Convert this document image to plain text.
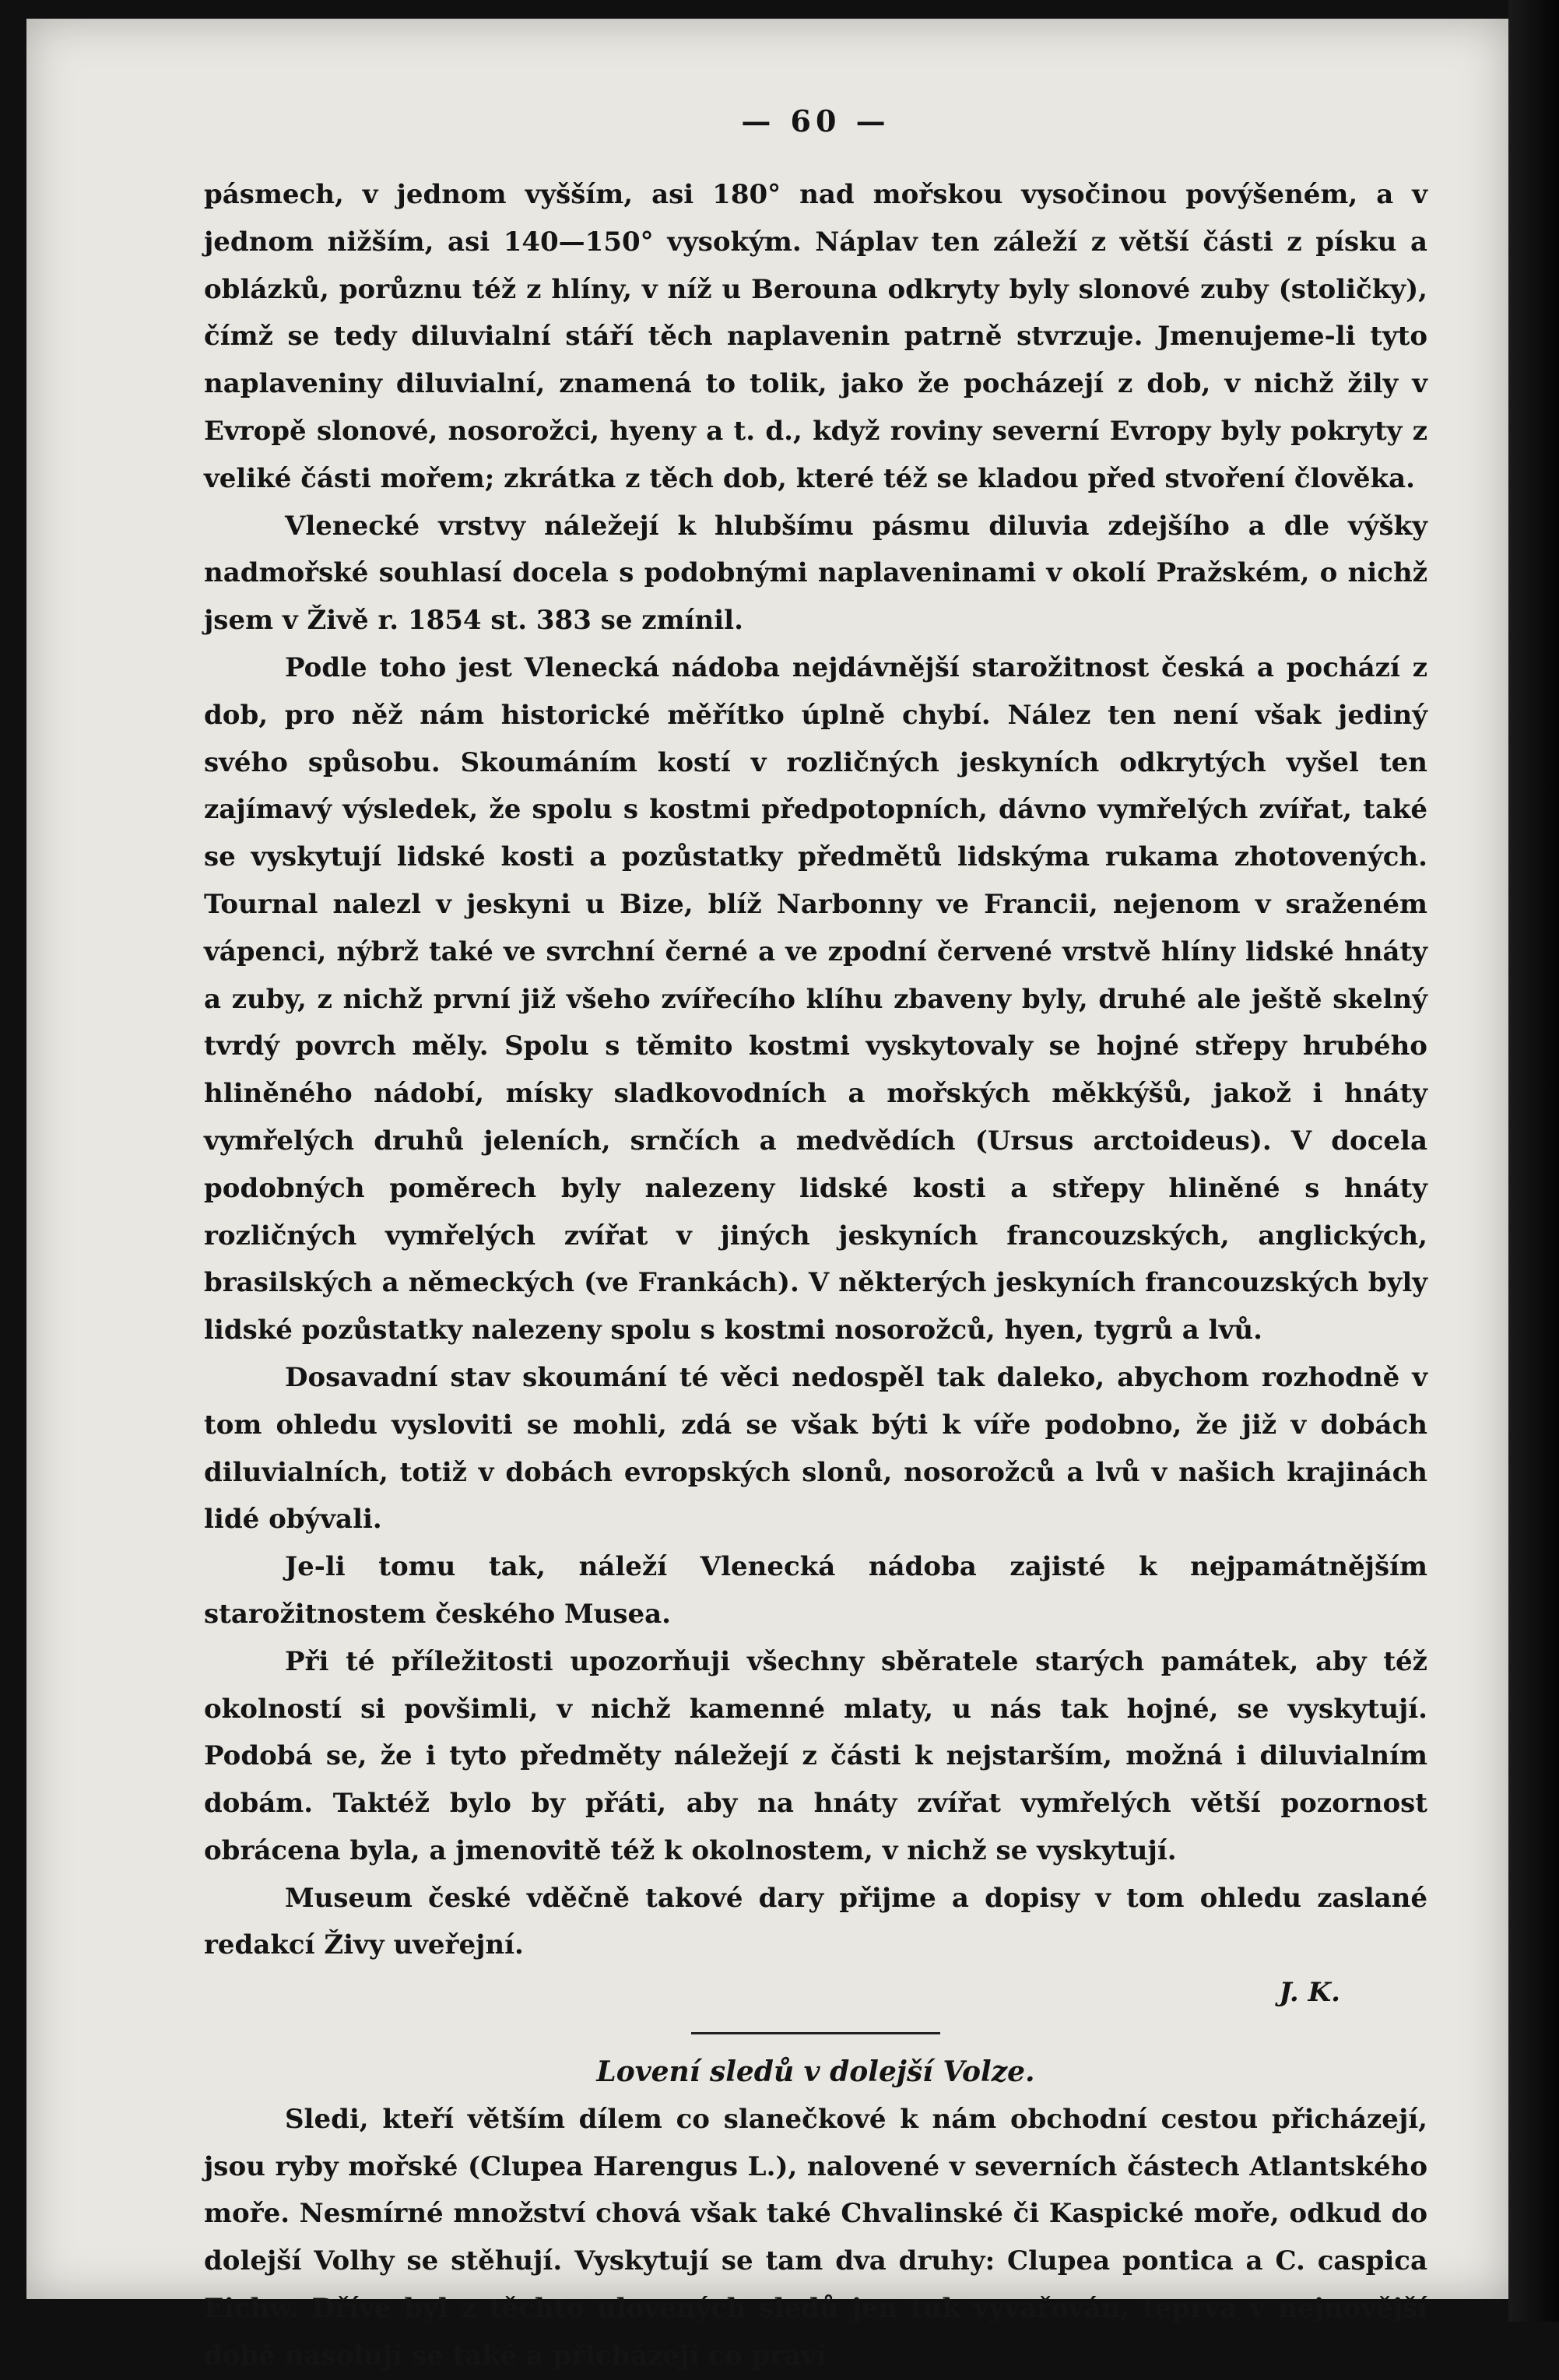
— 60 —

pásmech, v jednom vyšším, asi 180° nad mořskou vysočinou povýšeném, a v jednom nižším, asi 140—150° vysokým. Náplav ten záleží z větší části z písku a oblázků, porůznu též z hlíny, v níž u Berouna odkryty byly slonové zuby (stoličky), čímž se tedy diluvialní stáří těch naplavenin patrně stvrzuje. Jmenujeme-li tyto naplaveniny diluvialní, znamená to tolik, jako že pocházejí z dob, v nichž žily v Evropě slonové, nosorožci, hyeny a t. d., když roviny severní Evropy byly pokryty z veliké části mořem; zkrátka z těch dob, které též se kladou před stvoření člověka.

Vlenecké vrstvy náležejí k hlubšímu pásmu diluvia zdejšího a dle výšky nadmořské souhlasí docela s podobnými naplaveninami v okolí Pražském, o nichž jsem v Živě r. 1854 st. 383 se zmínil.

Podle toho jest Vlenecká nádoba nejdávnější starožitnost česká a pochází z dob, pro něž nám historické měřítko úplně chybí. Nález ten není však jediný svého spůsobu. Skoumáním kostí v rozličných jeskyních odkrytých vyšel ten zajímavý výsledek, že spolu s kostmi předpotopních, dávno vymřelých zvířat, také se vyskytují lidské kosti a pozůstatky předmětů lidskýma rukama zhotovených. Tournal nalezl v jeskyni u Bize, blíž Narbonny ve Francii, nejenom v sraženém vápenci, nýbrž také ve svrchní černé a ve zpodní červené vrstvě hlíny lidské hnáty a zuby, z nichž první již všeho zvířecího klíhu zbaveny byly, druhé ale ještě skelný tvrdý povrch měly. Spolu s těmito kostmi vyskytovaly se hojné střepy hrubého hliněného nádobí, mísky sladkovodních a mořských měkkýšů, jakož i hnáty vymřelých druhů jeleních, srnčích a medvědích (Ursus arctoideus). V docela podobných poměrech byly nalezeny lidské kosti a střepy hliněné s hnáty rozličných vymřelých zvířat v jiných jeskyních francouzských, anglických, brasilských a německých (ve Frankách). V některých jeskyních francouzských byly lidské pozůstatky nalezeny spolu s kostmi nosorožců, hyen, tygrů a lvů.

Dosavadní stav skoumání té věci nedospěl tak daleko, abychom rozhodně v tom ohledu vysloviti se mohli, zdá se však býti k víře podobno, že již v dobách diluvialních, totiž v dobách evropských slonů, nosorožců a lvů v našich krajinách lidé obývali.

Je-li tomu tak, náleží Vlenecká nádoba zajisté k nejpamátnějším starožitnostem českého Musea.

Při té příležitosti upozorňuji všechny sběratele starých památek, aby též okolností si povšimli, v nichž kamenné mlaty, u nás tak hojné, se vyskytují. Podobá se, že i tyto předměty náležejí z části k nejstarším, možná i diluvialním dobám. Taktéž bylo by přáti, aby na hnáty zvířat vymřelých větší pozornost obrácena byla, a jmenovitě též k okolnostem, v nichž se vyskytují.

Museum české vděčně takové dary přijme a dopisy v tom ohledu zaslané redakcí Živy uveřejní.

J. K.
Lovení sledů v dolejší Volze.

Sledi, kteří větším dílem co slanečkové k nám obchodní cestou přicházejí, jsou ryby mořské (Clupea Harengus L.), nalovené v severních částech Atlantského moře. Nesmírné množství chová však také Chvalinské či Kaspické moře, odkud do dolejší Volhy se stěhují. Vyskytují se tam dva druhy: Clupea pontica a C. caspica Eichw. Dříve byl z těchto ulovených sledů jen tuk vyvařován, teprva v nejnovější době nasolují se také a přicházejí co praví
